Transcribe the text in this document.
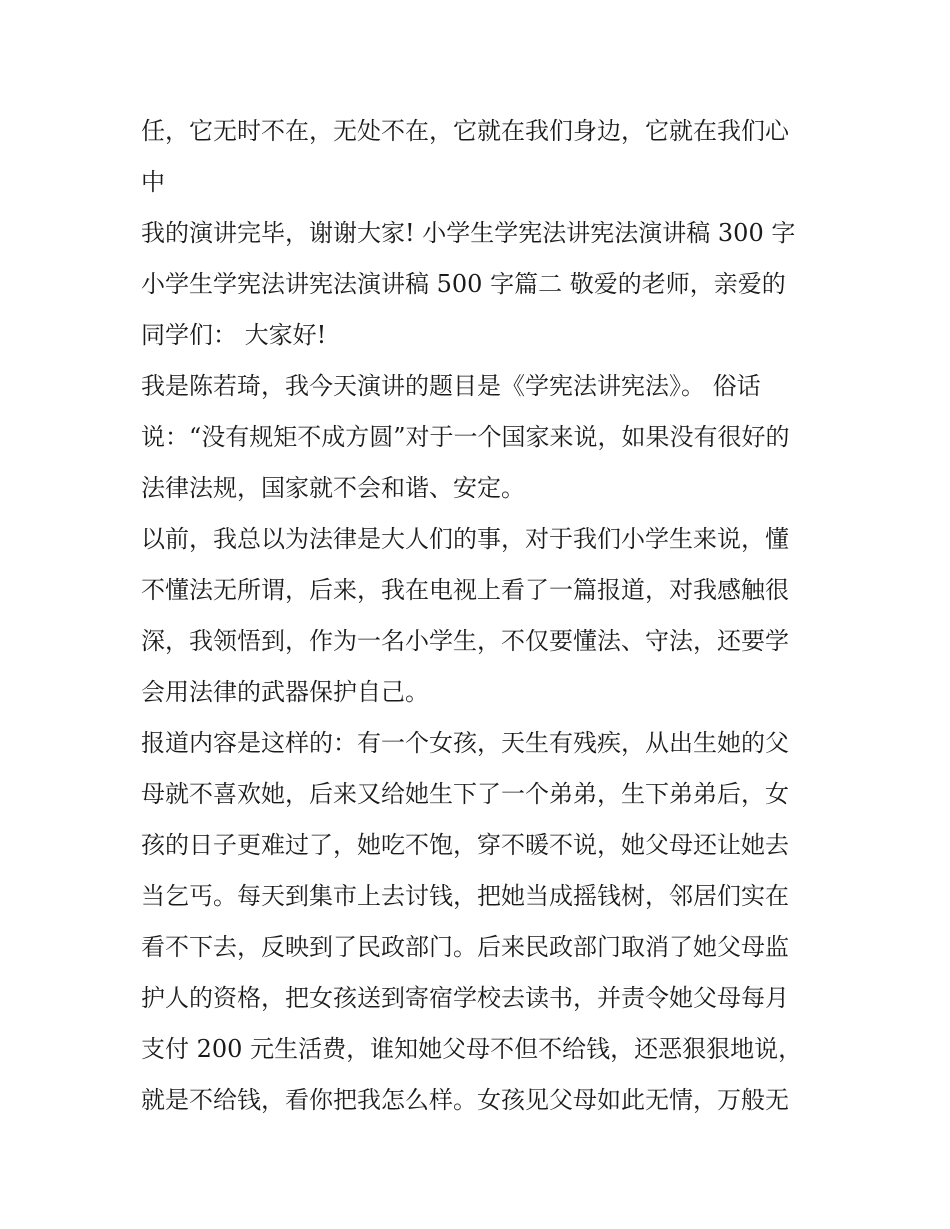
任，它无时不在，无处不在，它就在我们身边，它就在我们心
中
我的演讲完毕，谢谢大家! 小学生学宪法讲宪法演讲稿 300 字
小学生学宪法讲宪法演讲稿 500 字篇二 敬爱的老师，亲爱的
同学们： 大家好!
我是陈若琦，我今天演讲的题目是《学宪法讲宪法》。 俗话
说：“没有规矩不成方圆”对于一个国家来说，如果没有很好的
法律法规，国家就不会和谐、安定。
以前，我总以为法律是大人们的事，对于我们小学生来说，懂
不懂法无所谓，后来，我在电视上看了一篇报道，对我感触很
深，我领悟到，作为一名小学生，不仅要懂法、守法，还要学
会用法律的武器保护自己。
报道内容是这样的：有一个女孩，天生有残疾，从出生她的父
母就不喜欢她，后来又给她生下了一个弟弟，生下弟弟后，女
孩的日子更难过了，她吃不饱，穿不暖不说，她父母还让她去
当乞丐。每天到集市上去讨钱，把她当成摇钱树，邻居们实在
看不下去，反映到了民政部门。后来民政部门取消了她父母监
护人的资格，把女孩送到寄宿学校去读书，并责令她父母每月
支付 200 元生活费，谁知她父母不但不给钱，还恶狠狠地说，
就是不给钱，看你把我怎么样。女孩见父母如此无情，万般无
